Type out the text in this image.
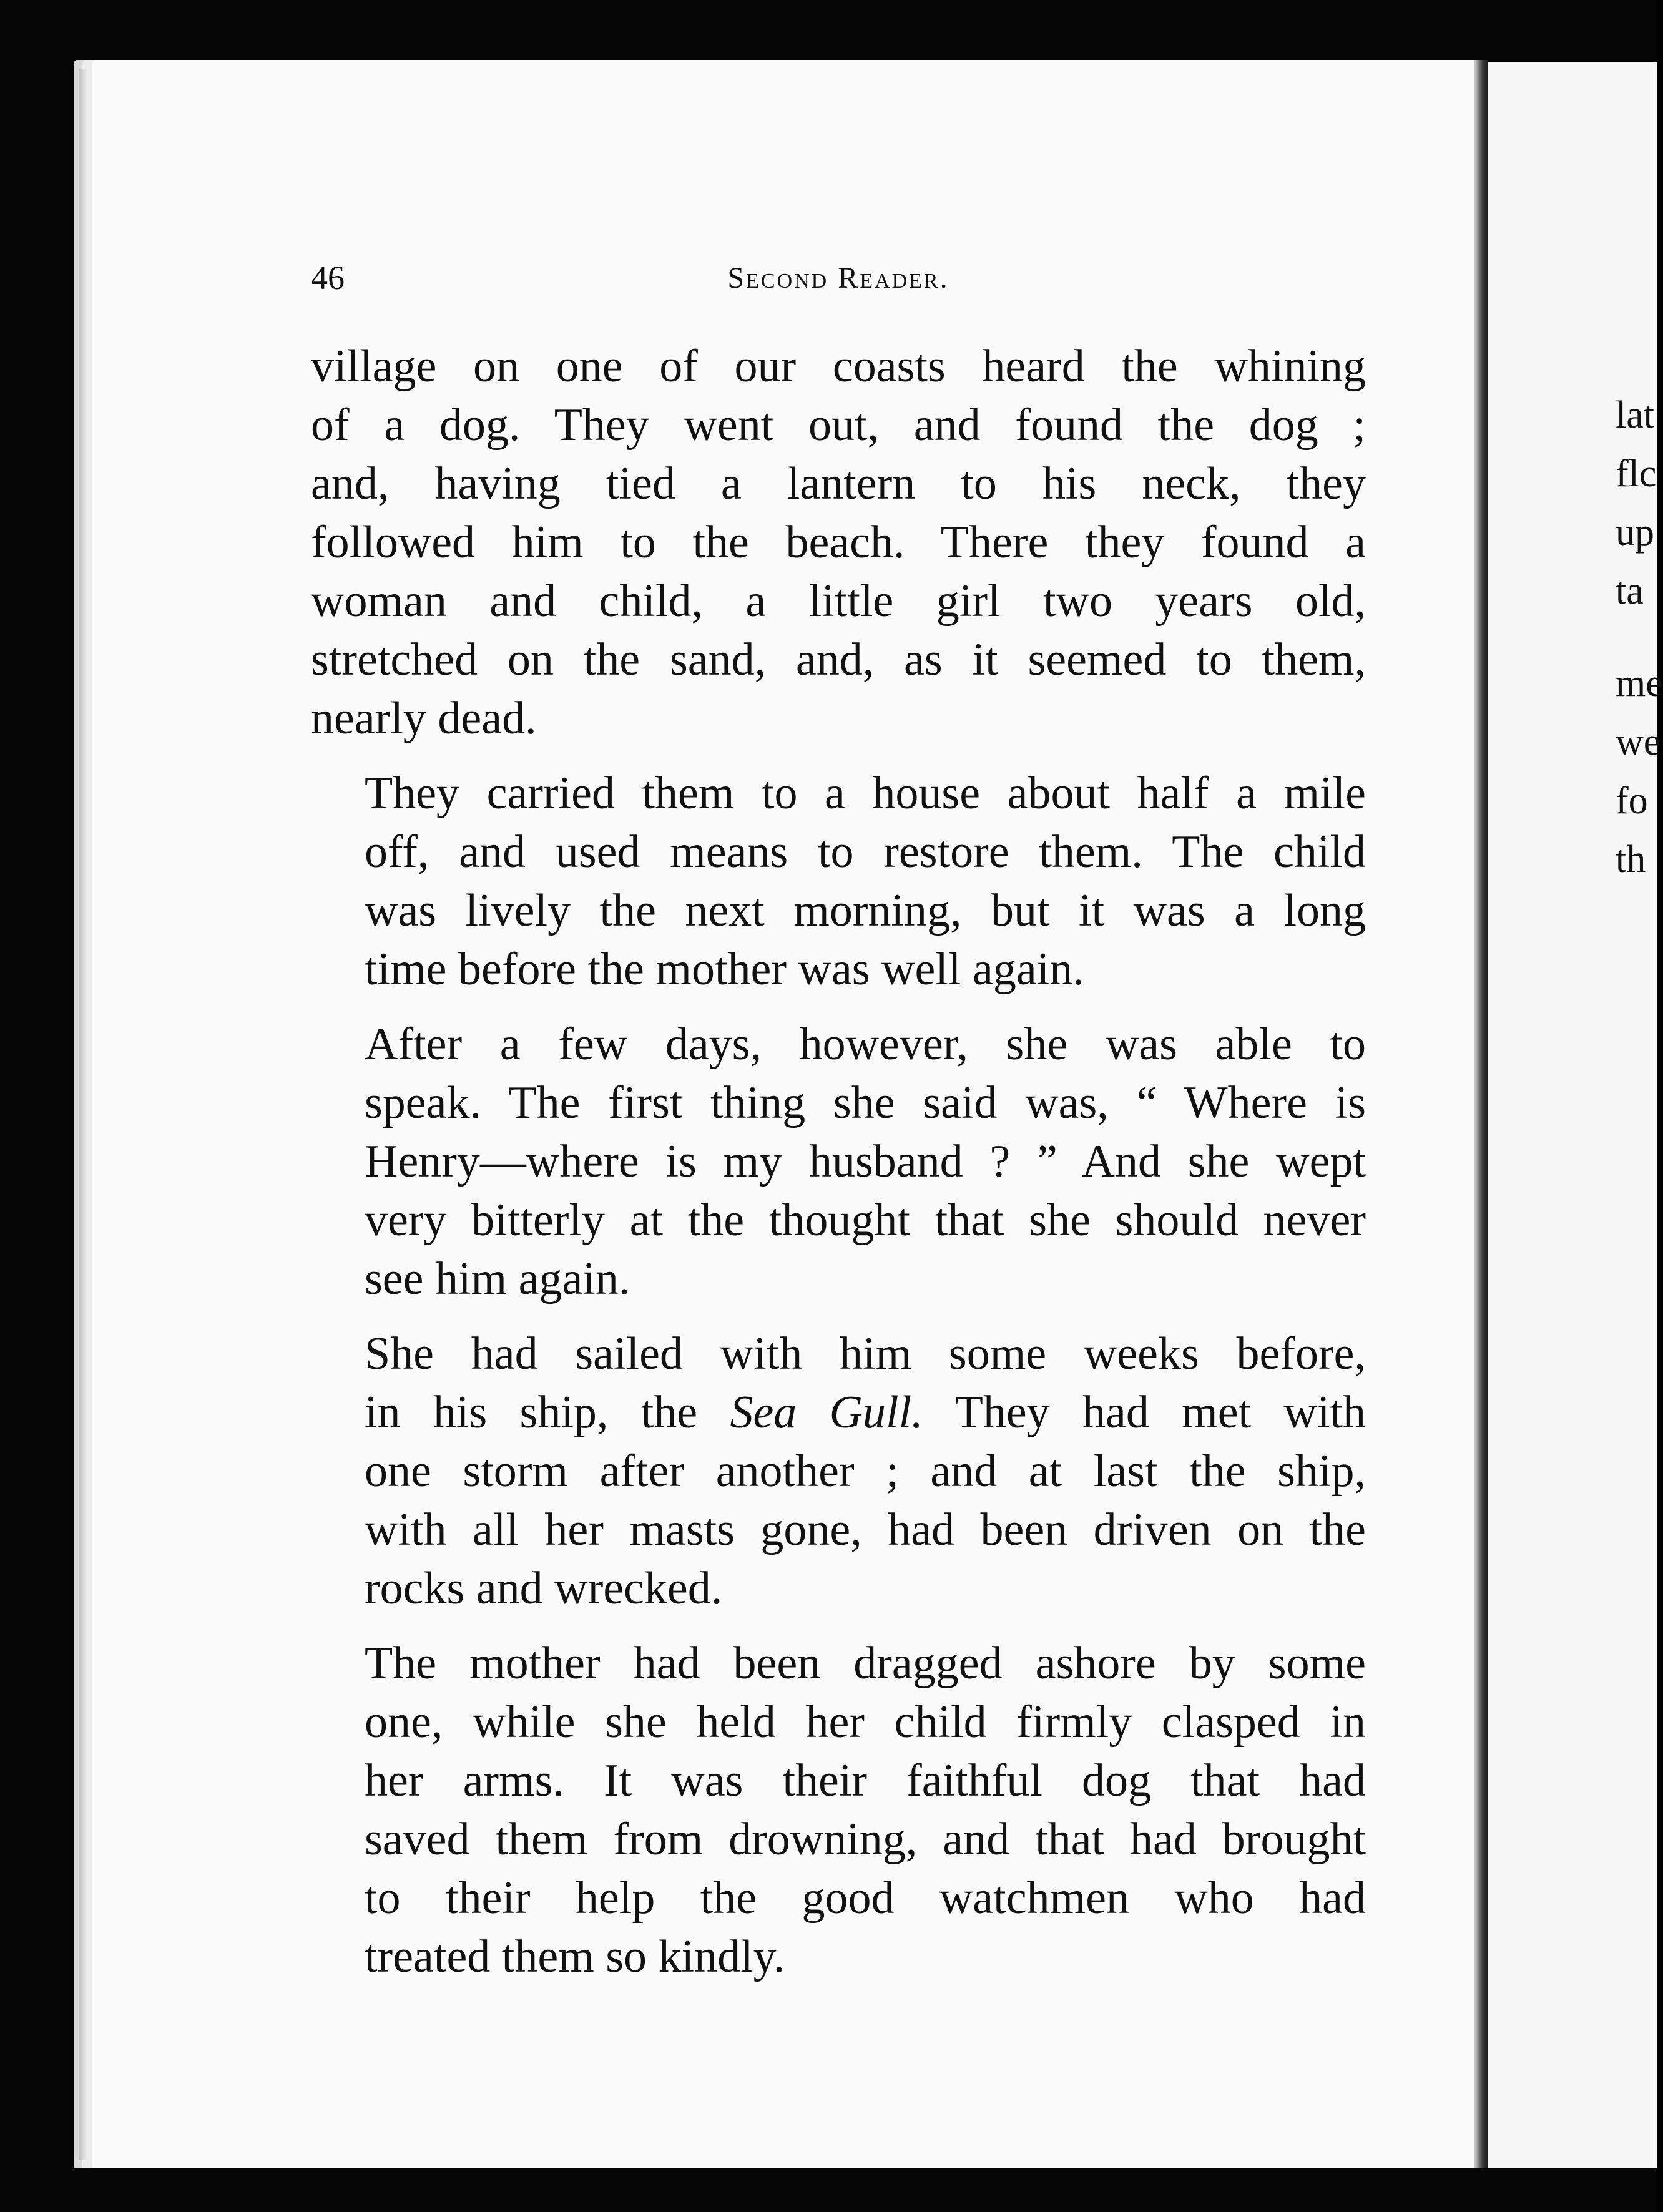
46	Second Reader.

village on one of our coasts heard the whining
of a dog. They went out, and found the dog ;
and, having tied a lantern to his neck, they
followed him to the beach. There they found a
woman and child, a little girl two years old,
stretched on the sand, and, as it seemed to them,
nearly dead.

They carried them to a house about half a mile
off, and used means to restore them. The child
was lively the next morning, but it was a long
time before the mother was well again.

After a few days, however, she was able to
speak. The first thing she said was, “ Where is
Henry—where is my husband ? ” And she wept
very bitterly at the thought that she should never
see him again.

She had sailed with him some weeks before,
in his ship, the Sea Gull. They had met with
one storm after another ; and at last the ship,
with all her masts gone, had been driven on the
rocks and wrecked.

The mother had been dragged ashore by some
one, while she held her child firmly clasped in
her arms. It was their faithful dog that had
saved them from drowning, and that had brought
to their help the good watchmen who had
treated them so kindly.

lat
flc
up
ta
me
we
fo
th
